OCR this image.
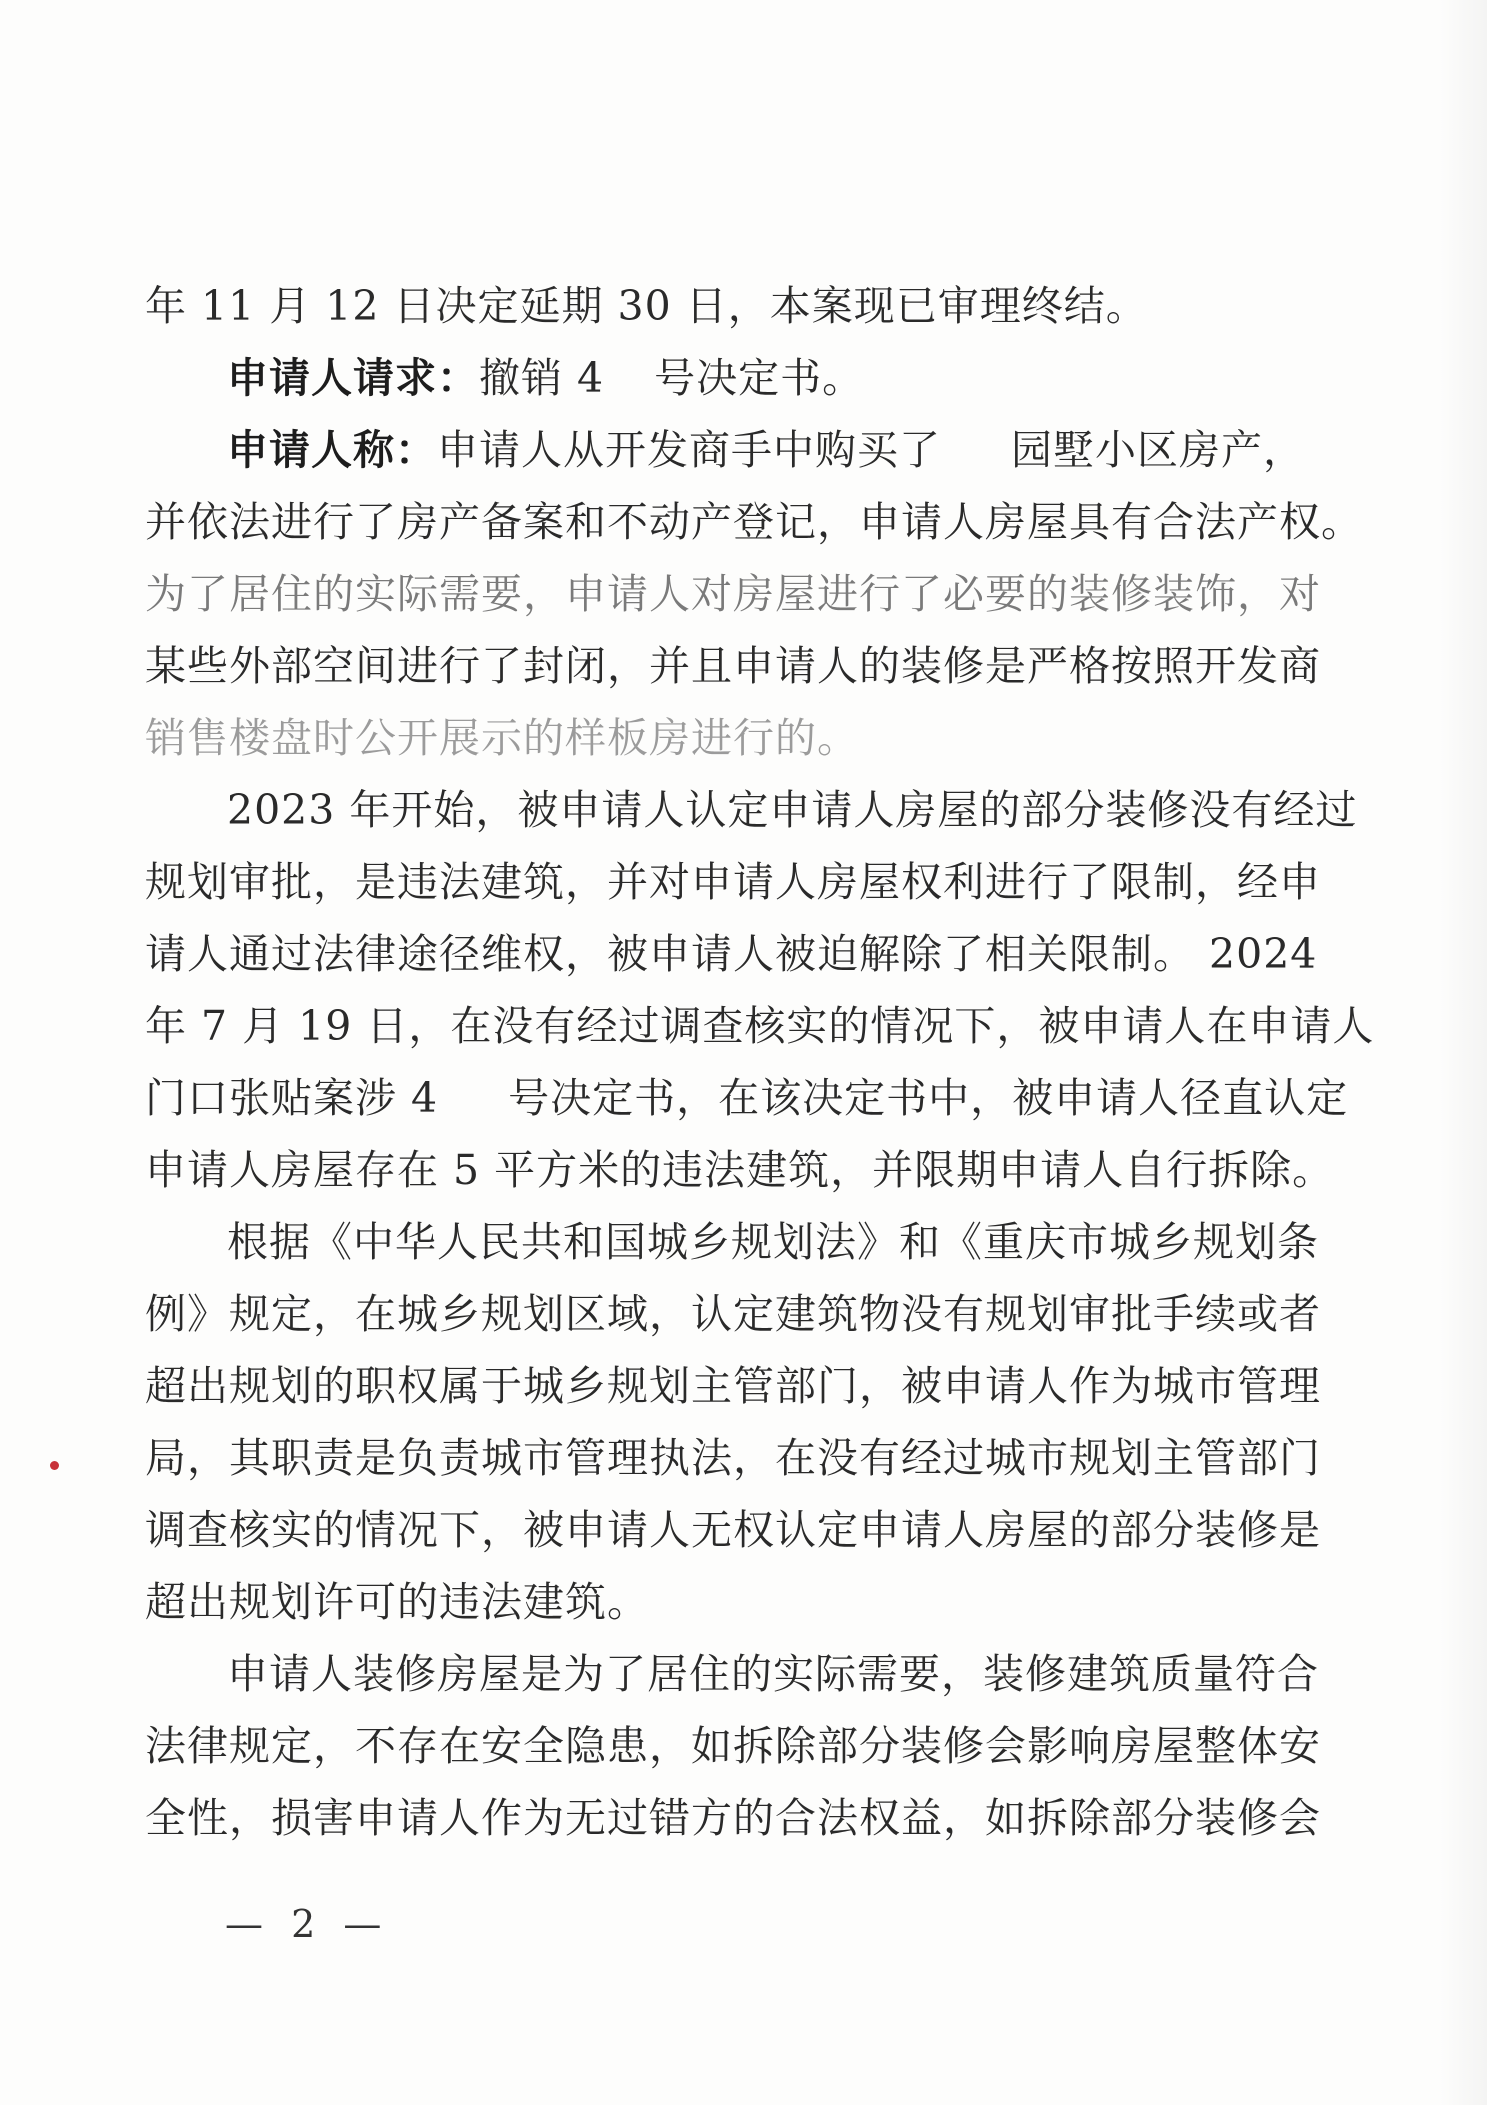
年 11 月 12 日决定延期 30 日，本案现已审理终结。
申请人请求：撤销 4 号决定书。
申请人称：申请人从开发商手中购买了 园墅小区房产，
并依法进行了房产备案和不动产登记，申请人房屋具有合法产权。
为了居住的实际需要，申请人对房屋进行了必要的装修装饰，对
某些外部空间进行了封闭，并且申请人的装修是严格按照开发商
销售楼盘时公开展示的样板房进行的。
2023 年开始，被申请人认定申请人房屋的部分装修没有经过
规划审批，是违法建筑，并对申请人房屋权利进行了限制，经申
请人通过法律途径维权，被申请人被迫解除了相关限制。 2024
年 7 月 19 日，在没有经过调查核实的情况下，被申请人在申请人
门口张贴案涉 4 号决定书，在该决定书中，被申请人径直认定
申请人房屋存在 5 平方米的违法建筑，并限期申请人自行拆除。
根据《中华人民共和国城乡规划法》和《重庆市城乡规划条
例》规定，在城乡规划区域，认定建筑物没有规划审批手续或者
超出规划的职权属于城乡规划主管部门，被申请人作为城市管理
局，其职责是负责城市管理执法，在没有经过城市规划主管部门
调查核实的情况下，被申请人无权认定申请人房屋的部分装修是
超出规划许可的违法建筑。
申请人装修房屋是为了居住的实际需要，装修建筑质量符合
法律规定，不存在安全隐患，如拆除部分装修会影响房屋整体安
全性，损害申请人作为无过错方的合法权益，如拆除部分装修会
— 2 —
